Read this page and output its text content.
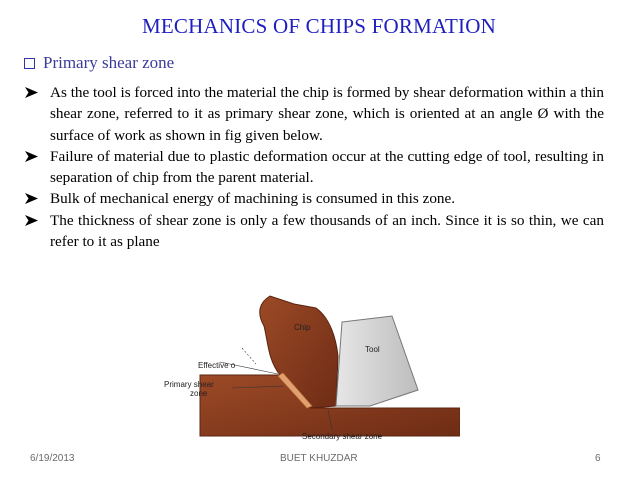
MECHANICS OF CHIPS FORMATION
Primary shear zone
As the tool is forced into the material the chip is formed by shear deformation within a thin shear zone, referred to it as primary shear zone, which is oriented at an angle Ø with the surface of work as shown in fig given below.
Failure of material due to plastic deformation occur at the cutting edge of tool, resulting in separation of chip from the parent material.
Bulk of mechanical energy of machining is consumed in this zone.
The thickness of shear zone is only a few thousands of an inch. Since it is so thin, we can refer to it as plane
Chip
Tool
Effective o
Primary shear
zone
Secondary shear zone
6/19/2013	BUET KHUZDAR	6
